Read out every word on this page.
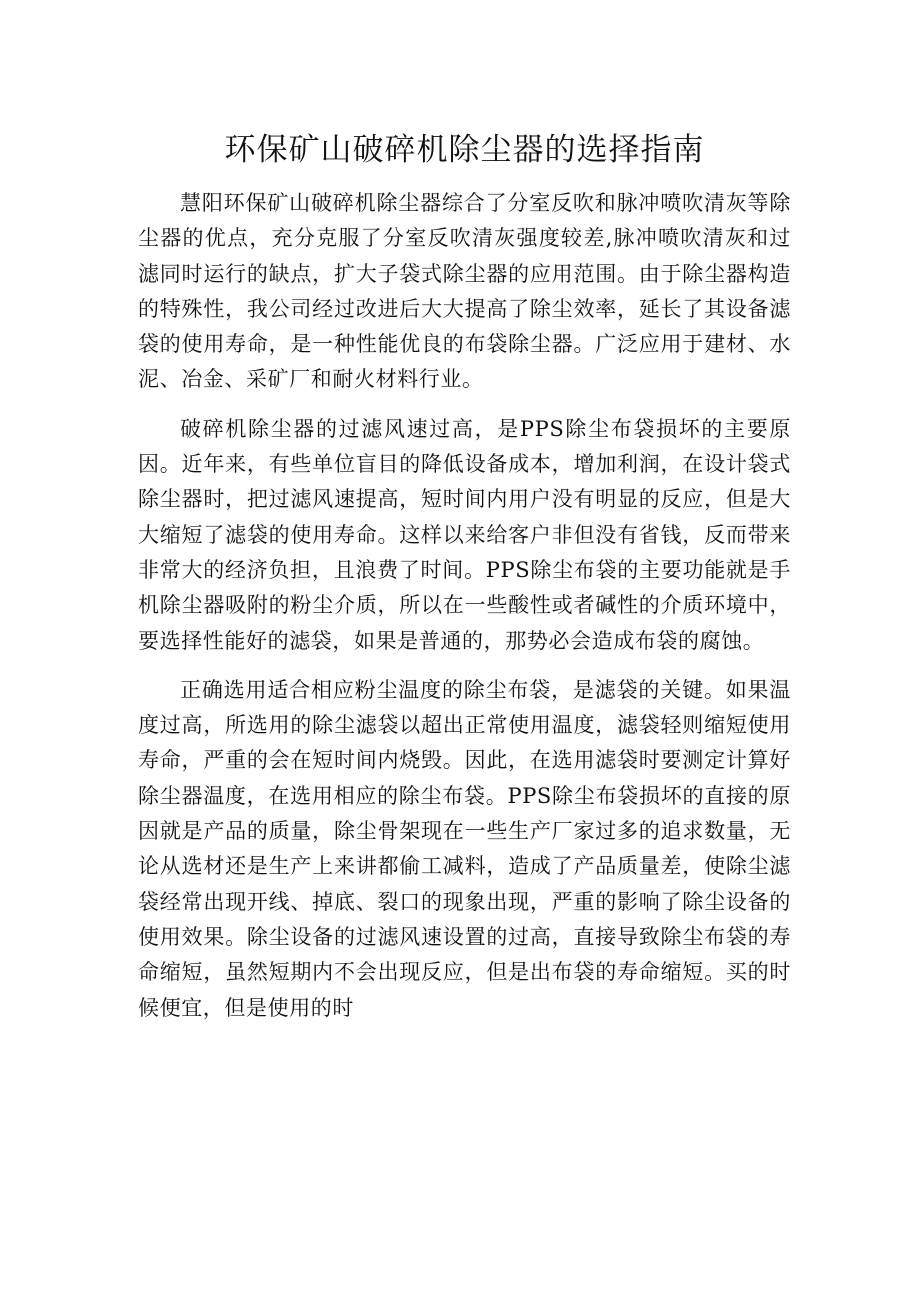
环保矿山破碎机除尘器的选择指南

慧阳环保矿山破碎机除尘器综合了分室反吹和脉冲喷吹清灰等除尘器的优点，充分克服了分室反吹清灰强度较差,脉冲喷吹清灰和过滤同时运行的缺点，扩大子袋式除尘器的应用范围。由于除尘器构造的特殊性，我公司经过改进后大大提高了除尘效率，延长了其设备滤袋的使用寿命，是一种性能优良的布袋除尘器。广泛应用于建材、水泥、冶金、采矿厂和耐火材料行业。

破碎机除尘器的过滤风速过高，是PPS除尘布袋损坏的主要原因。近年来，有些单位盲目的降低设备成本，增加利润，在设计袋式除尘器时，把过滤风速提高，短时间内用户没有明显的反应，但是大大缩短了滤袋的使用寿命。这样以来给客户非但没有省钱，反而带来非常大的经济负担，且浪费了时间。PPS除尘布袋的主要功能就是手机除尘器吸附的粉尘介质，所以在一些酸性或者碱性的介质环境中，要选择性能好的滤袋，如果是普通的，那势必会造成布袋的腐蚀。

正确选用适合相应粉尘温度的除尘布袋，是滤袋的关键。如果温度过高，所选用的除尘滤袋以超出正常使用温度，滤袋轻则缩短使用寿命，严重的会在短时间内烧毁。因此，在选用滤袋时要测定计算好除尘器温度，在选用相应的除尘布袋。PPS除尘布袋损坏的直接的原因就是产品的质量，除尘骨架现在一些生产厂家过多的追求数量，无论从选材还是生产上来讲都偷工减料，造成了产品质量差，使除尘滤袋经常出现开线、掉底、裂口的现象出现，严重的影响了除尘设备的使用效果。除尘设备的过滤风速设置的过高，直接导致除尘布袋的寿命缩短，虽然短期内不会出现反应，但是出布袋的寿命缩短。买的时候便宜，但是使用的时
